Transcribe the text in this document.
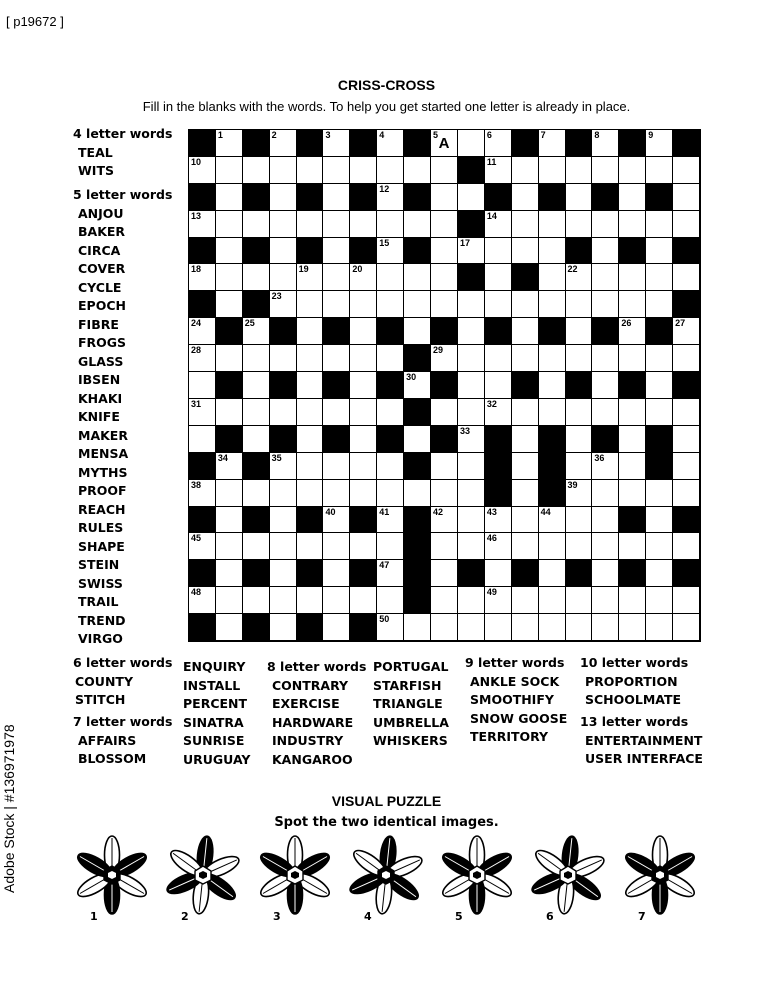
[ p19672 ]
Adobe Stock | #136971978
CRISS-CROSS
Fill in the blanks with the words. To help you get started one letter is already in place.
4 letter words
TEAL
WITS
5 letter words
ANJOU
BAKER
CIRCA
COVER
CYCLE
EPOCH
FIBRE
FROGS
GLASS
IBSEN
KHAKI
KNIFE
MAKER
MENSA
MYTHS
PROOF
REACH
RULES
SHAPE
STEIN
SWISS
TRAIL
TREND
VIRGO
1	2	3	4	A
5	6	7	8	9
10	11
12
13	14
15 16	17
18	19	20	21	22
23
24	25	26	27
28	29
30
31	32
33
34	35	36	37
38	39
40	41	42	43	44
45	46
47
48	49
50
6 letter words
COUNTY
STITCH
7 letter words
AFFAIRS
BLOSSOM
ENQUIRY
INSTALL
PERCENT
SINATRA
SUNRISE
URUGUAY
8 letter words
CONTRARY
EXERCISE
HARDWARE
INDUSTRY
KANGAROO
PORTUGAL
STARFISH
TRIANGLE
UMBRELLA
WHISKERS
9 letter words
ANKLE SOCK
SMOOTHIFY
SNOW GOOSE
TERRITORY
10 letter words
PROPORTION
SCHOOLMATE
13 letter words
ENTERTAINMENT
USER INTERFACE
VISUAL PUZZLE
Spot the two identical images.
1	2	3	4	5	6	7
